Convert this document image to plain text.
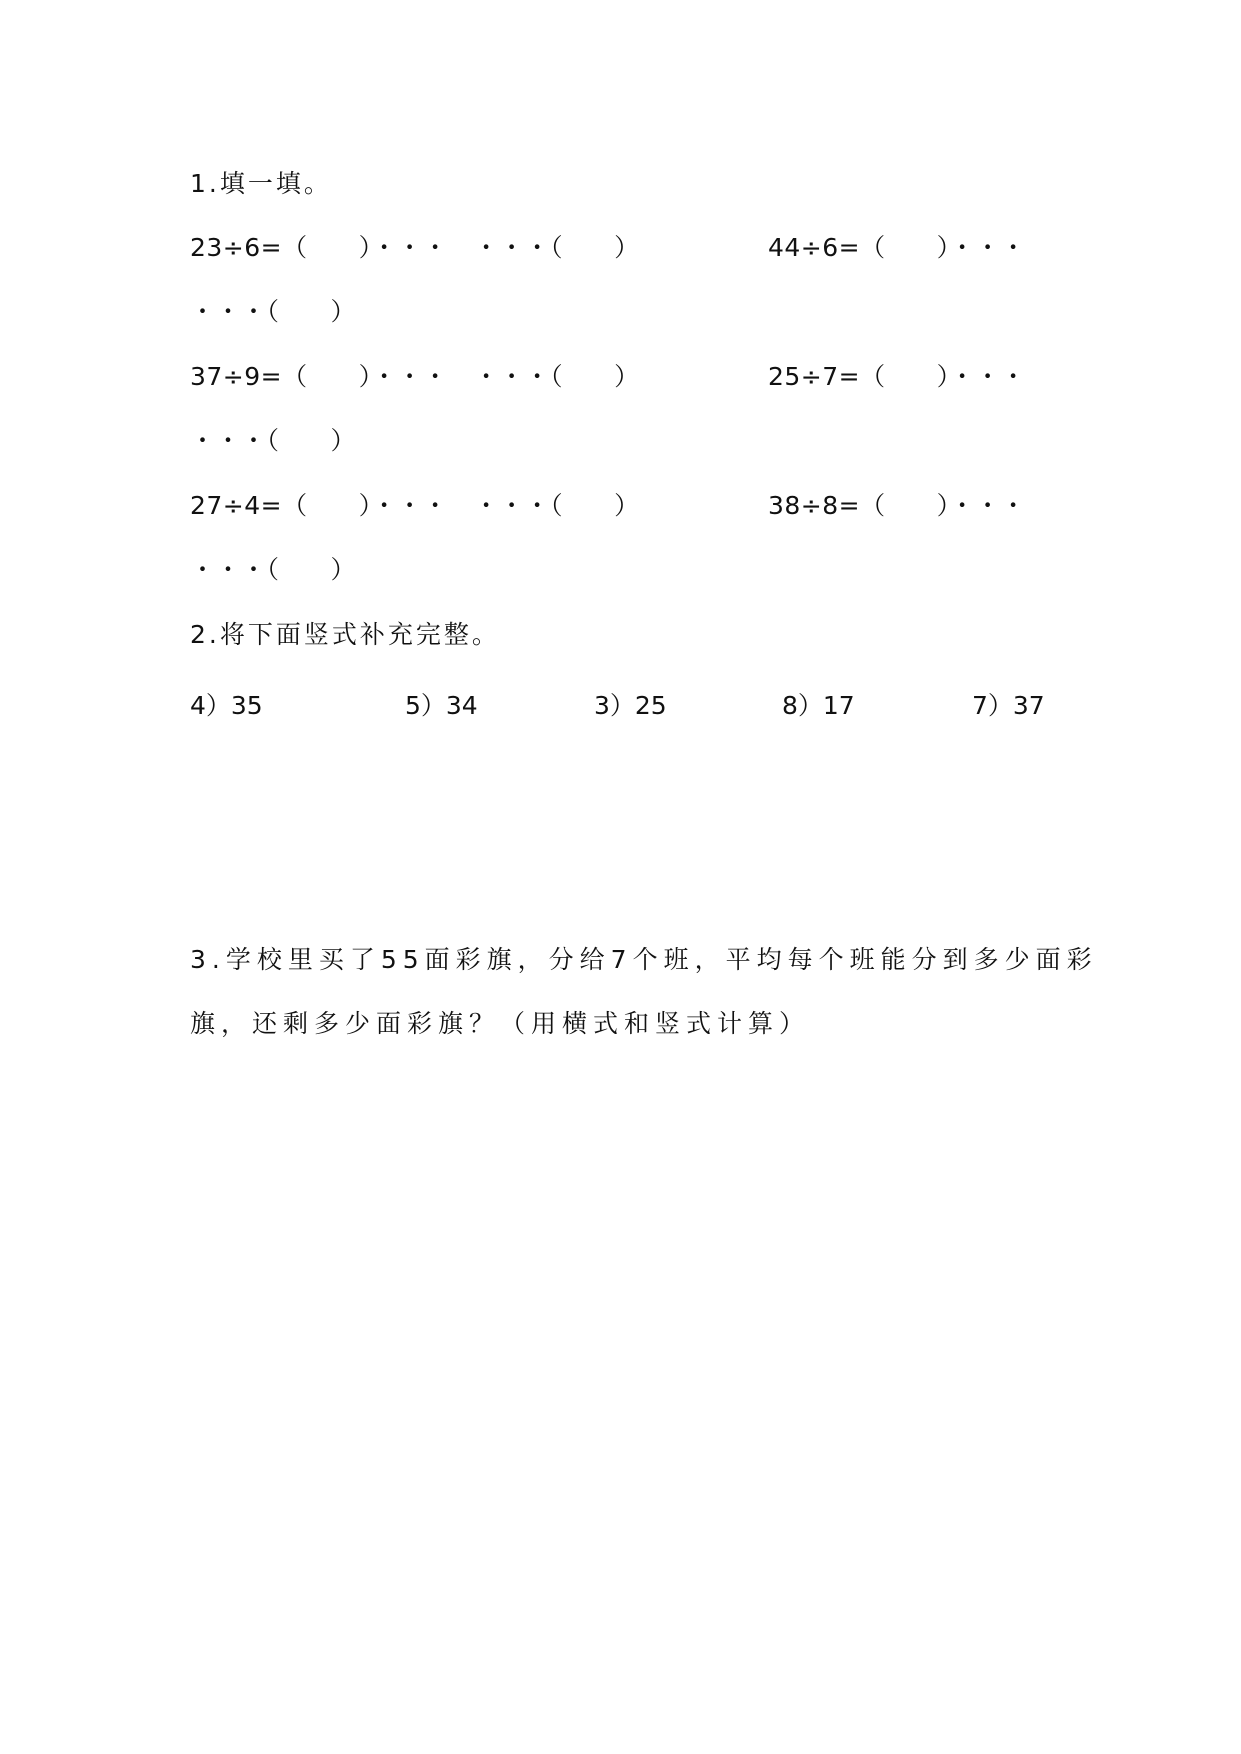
1.填一填。
23÷6=（　　）・・・　・・・（　　）	44÷6=（　　）・・・
・・・（　　）
37÷9=（　　）・・・　・・・（　　）	25÷7=（　　）・・・
・・・（　　）
27÷4=（　　）・・・　・・・（　　）	38÷8=（　　）・・・
・・・（　　）
2.将下面竖式补充完整。
4）35	5）34	3）25	8）17	7）37
3.学校里买了55面彩旗，分给7个班，平均每个班能分到多少面彩
旗，还剩多少面彩旗？（用横式和竖式计算）
